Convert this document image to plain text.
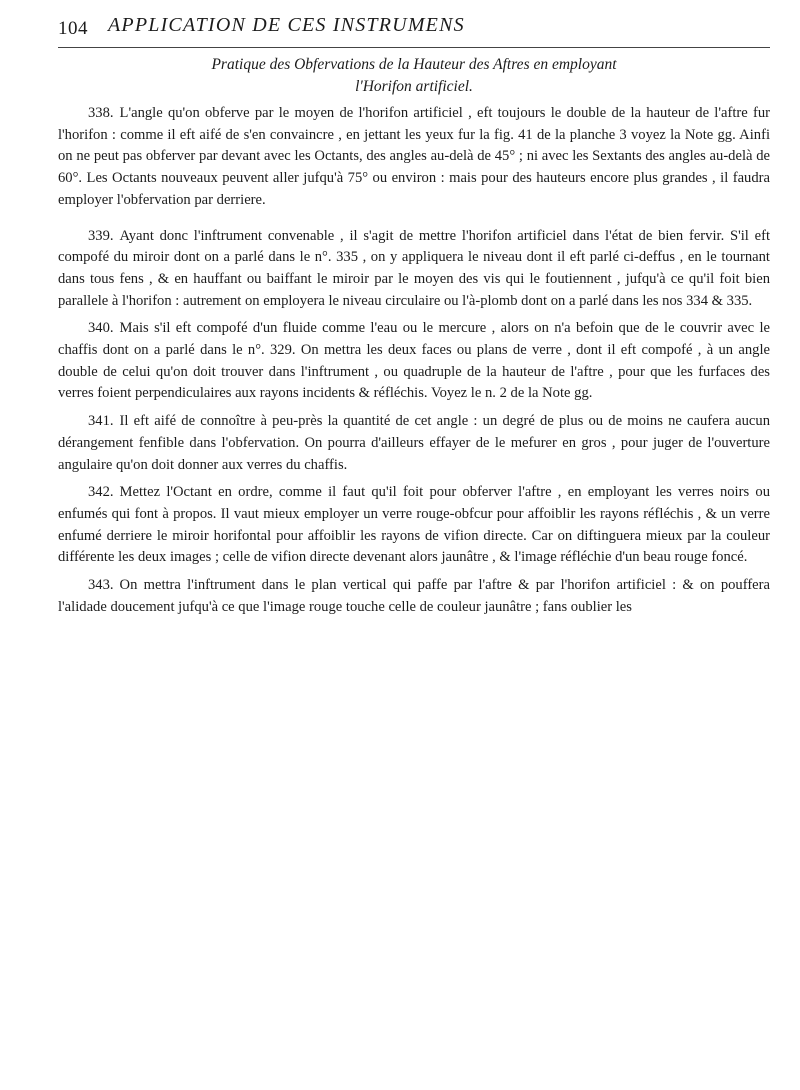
104 APPLICATION DE CES INSTRUMENS
Pratique des Obfervations de la Hauteur des Aftres en employant
l'Horifon artificiel.

338. L'angle qu'on obferve par le moyen de l'horifon artificiel , eft toujours le double de la hauteur de l'aftre fur l'horifon : comme il eft aifé de s'en convaincre , en jettant les yeux fur la fig. 41 de la planche 3 voyez la Note gg. Ainfi on ne peut pas obferver par devant avec les Octants, des angles au-delà de 45° ; ni avec les Sextants des angles au-delà de 60°. Les Octants nouveaux peuvent aller jufqu'à 75° ou environ : mais pour des hauteurs encore plus grandes , il faudra employer l'obfervation par derriere.

339. Ayant donc l'inftrument convenable , il s'agit de mettre l'horifon artificiel dans l'état de bien fervir. S'il eft compofé du miroir dont on a parlé dans le n°. 335 , on y appliquera le niveau dont il eft parlé ci-deffus , en le tournant dans tous fens , & en hauffant ou baiffant le miroir par le moyen des vis qui le foutiennent , jufqu'à ce qu'il foit bien parallele à l'horifon : autrement on employera le niveau circulaire ou l'à-plomb dont on a parlé dans les nos 334 & 335.

340. Mais s'il eft compofé d'un fluide comme l'eau ou le mercure , alors on n'a befoin que de le couvrir avec le chaffis dont on a parlé dans le n°. 329. On mettra les deux faces ou plans de verre , dont il eft compofé , à un angle double de celui qu'on doit trouver dans l'inftrument , ou quadruple de la hauteur de l'aftre , pour que les furfaces des verres foient perpendiculaires aux rayons incidents & réfléchis. Voyez le n. 2 de la Note gg.

341. Il eft aifé de connoître à peu-près la quantité de cet angle : un degré de plus ou de moins ne caufera aucun dérangement fenfible dans l'obfervation. On pourra d'ailleurs effayer de le mefurer en gros , pour juger de l'ouverture angulaire qu'on doit donner aux verres du chaffis.

342. Mettez l'Octant en ordre, comme il faut qu'il foit pour obferver l'aftre , en employant les verres noirs ou enfumés qui font à propos. Il vaut mieux employer un verre rouge-obfcur pour affoiblir les rayons réfléchis , & un verre enfumé derriere le miroir horifontal pour affoiblir les rayons de vifion directe. Car on diftinguera mieux par la couleur différente les deux images ; celle de vifion directe devenant alors jaunâtre , & l'image réfléchie d'un beau rouge foncé.

343. On mettra l'inftrument dans le plan vertical qui paffe par l'aftre & par l'horifon artificiel : & on pouffera l'alidade doucement jufqu'à ce que l'image rouge touche celle de couleur jaunâtre ; fans oublier les
